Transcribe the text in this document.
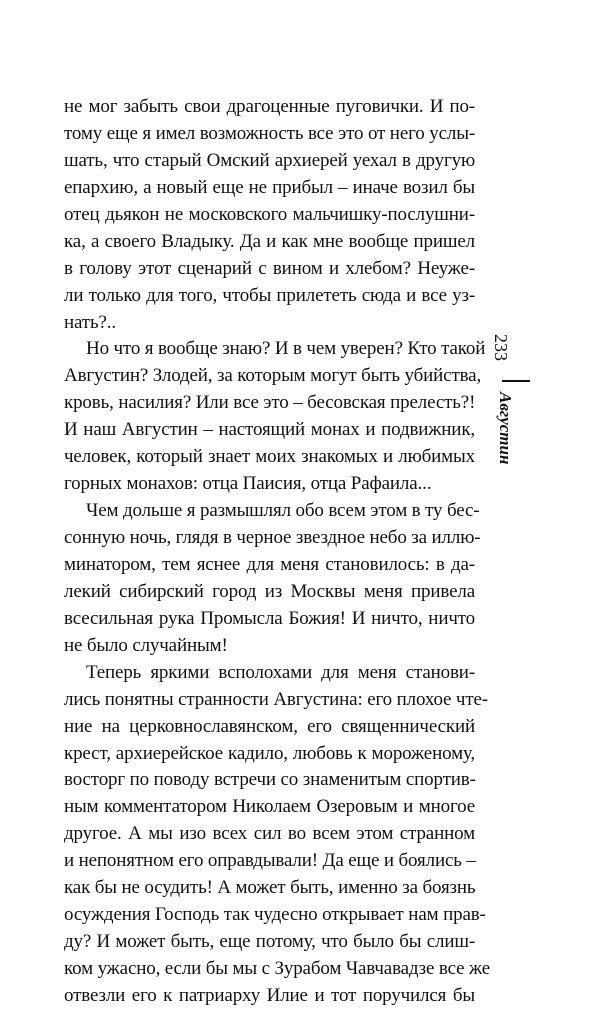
не мог забыть свои драгоценные пуговички. И по-
тому еще я имел возможность все это от него услы-
шать, что старый Омский архиерей уехал в другую
епархию, а новый еще не прибыл – иначе возил бы
отец дьякон не московского мальчишку-послушни-
ка, а своего Владыку. Да и как мне вообще пришел
в голову этот сценарий с вином и хлебом? Неуже-
ли только для того, чтобы прилететь сюда и все уз-
нать?..
Но что я вообще знаю? И в чем уверен? Кто такой
Августин? Злодей, за которым могут быть убийства,
кровь, насилия? Или все это – бесовская прелесть?!
И наш Августин – настоящий монах и подвижник,
человек, который знает моих знакомых и любимых
горных монахов: отца Паисия, отца Рафаила...
Чем дольше я размышлял обо всем этом в ту бес-
сонную ночь, глядя в черное звездное небо за иллю-
минатором, тем яснее для меня становилось: в да-
лекий сибирский город из Москвы меня привела
всесильная рука Промысла Божия! И ничто, ничто
не было случайным!
Теперь яркими всполохами для меня станови-
лись понятны странности Августина: его плохое чте-
ние на церковнославянском, его священнический
крест, архиерейское кадило, любовь к мороженому,
восторг по поводу встречи со знаменитым спортив-
ным комментатором Николаем Озеровым и многое
другое. А мы изо всех сил во всем этом странном
и непонятном его оправдывали! Да еще и боялись –
как бы не осудить! А может быть, именно за боязнь
осуждения Господь так чудесно открывает нам прав-
ду? И может быть, еще потому, что было бы слиш-
ком ужасно, если бы мы с Зурабом Чавчавадзе все же
отвезли его к патриарху Илие и тот поручился бы
233
Августин
